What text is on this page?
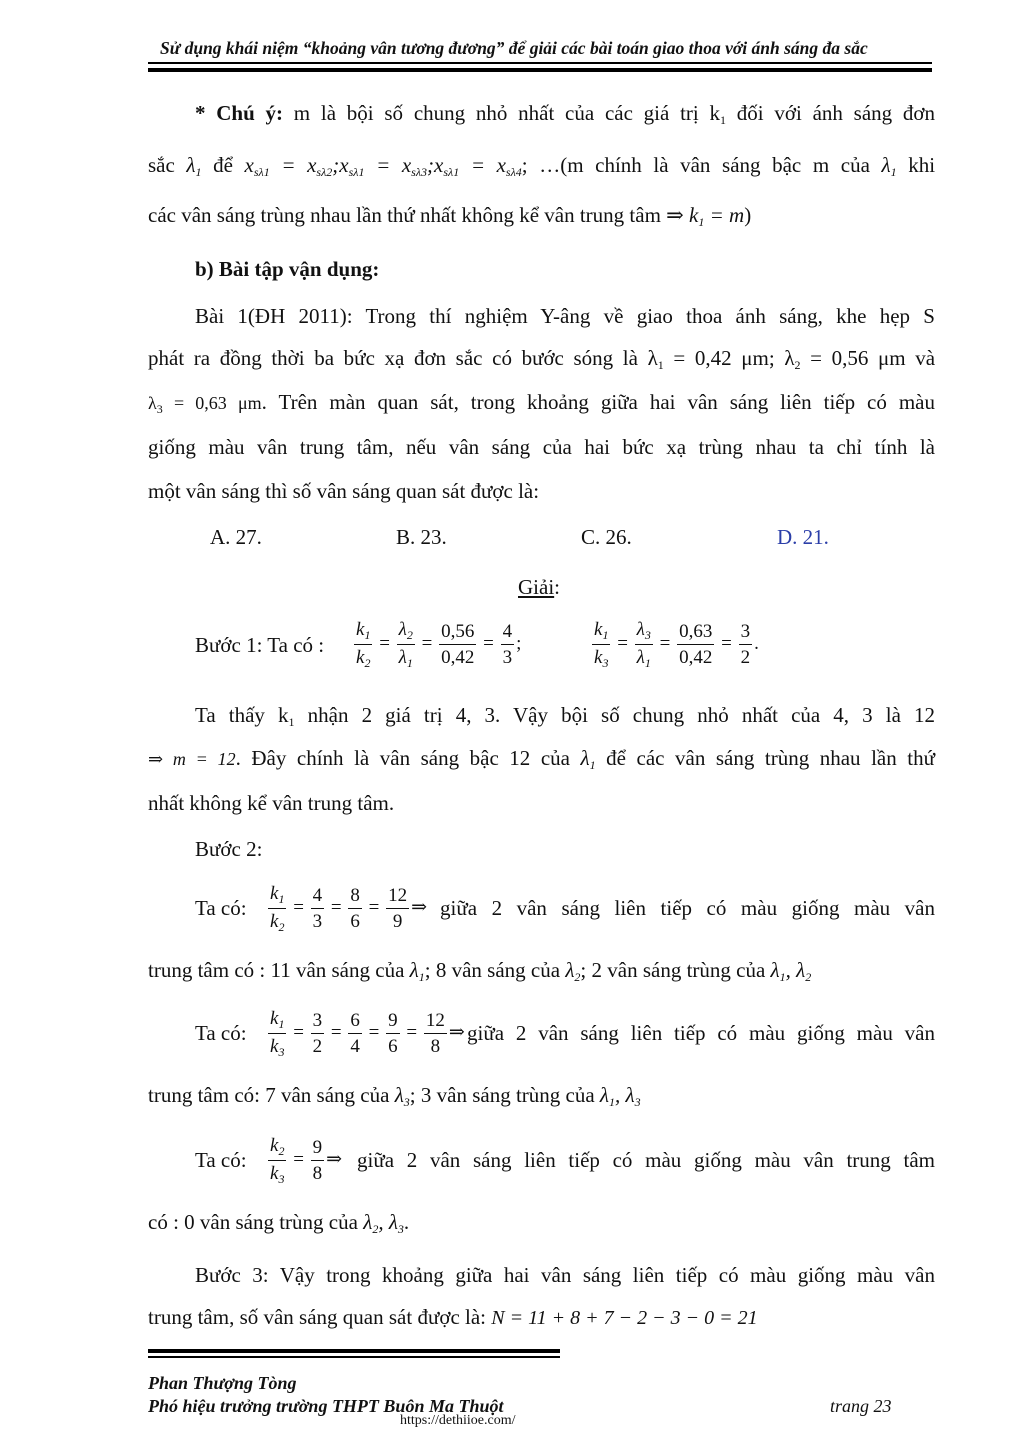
Sử dụng khái niệm “khoảng vân tương đương” để giải các bài toán giao thoa với ánh sáng đa sắc
* Chú ý: m là bội số chung nhỏ nhất của các giá trị $k_1$ đối với ánh sáng đơn
sắc $\lambda_1$ để $x_{s\lambda 1}$ = $x_{s\lambda 2};x_{s\lambda 1}$ = $x_{s\lambda 3};x_{s\lambda 1} = x_{s\lambda 4}$; …(m chính là vân sáng bậc m của $\lambda_1$ khi
các vân sáng trùng nhau lần thứ nhất không kể vân trung tâm ⇒ $k_1 = m$)
b) Bài tập vận dụng:
Bài 1(ĐH 2011): Trong thí nghiệm Y-âng về giao thoa ánh sáng, khe hẹp S
phát ra đồng thời ba bức xạ đơn sắc có bước sóng là $\lambda_1 = 0,42$ μm; $\lambda_2 = 0,56$ μm và
$\lambda_3 = 0,63$ μm. Trên màn quan sát, trong khoảng giữa hai vân sáng liên tiếp có màu
giống màu vân trung tâm, nếu vân sáng của hai bức xạ trùng nhau ta chỉ tính là
một vân sáng thì số vân sáng quan sát được là:
A. 27.	B. 23.	C. 26.	D. 21.
Giải:
Bước 1: Ta có : $\frac{k_1}{k_2} = \frac{\lambda_2}{\lambda_1} = \frac{0,56}{0,42} = \frac{4}{3}$ ;	$\frac{k_1}{k_3} = \frac{\lambda_3}{\lambda_1} = \frac{0,63}{0,42} = \frac{3}{2}$ .
Ta thấy $k_1$ nhận 2 giá trị 4, 3. Vậy bội số chung nhỏ nhất của 4, 3 là 12
⇒ m = 12. Đây chính là vân sáng bậc 12 của $\lambda_1$ để các vân sáng trùng nhau lần thứ
nhất không kể vân trung tâm.
Bước 2:
Ta có: $\frac{k_1}{k_2} = \frac{4}{3} = \frac{8}{6} = \frac{12}{9}$ ⇒ giữa 2 vân sáng liên tiếp có màu giống màu vân
trung tâm có : 11 vân sáng của $\lambda_1$; 8 vân sáng của $\lambda_2$; 2 vân sáng trùng của $\lambda_1$, $\lambda_2$
Ta có: $\frac{k_1}{k_3} = \frac{3}{2} = \frac{6}{4} = \frac{9}{6} = \frac{12}{8}$ ⇒ giữa 2 vân sáng liên tiếp có màu giống màu vân
trung tâm có: 7 vân sáng của $\lambda_3$; 3 vân sáng trùng của $\lambda_1$, $\lambda_3$
Ta có: $\frac{k_2}{k_3} = \frac{9}{8}$ ⇒ giữa 2 vân sáng liên tiếp có màu giống màu vân trung tâm
có : 0 vân sáng trùng của $\lambda_2$, $\lambda_3$.
Bước 3: Vậy trong khoảng giữa hai vân sáng liên tiếp có màu giống màu vân
trung tâm, số vân sáng quan sát được là: N = 11 + 8 + 7 − 2 − 3 − 0 = 21
Phan Thượng Tòng
Phó hiệu trưởng trường THPT Buôn Ma Thuột	trang 23
https://dethiioe.com/
